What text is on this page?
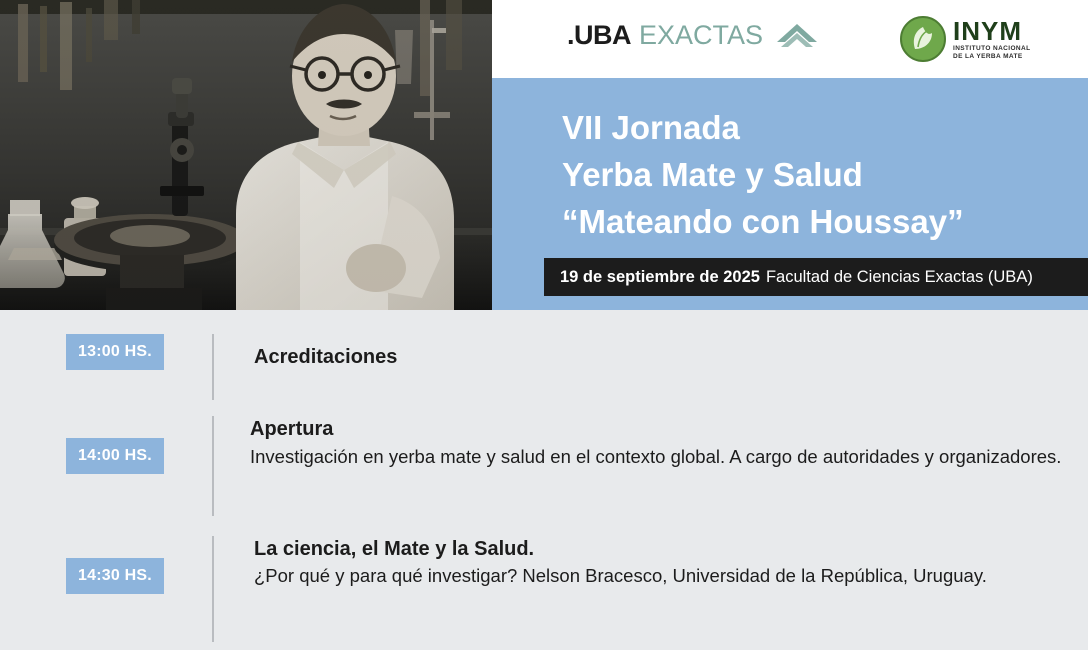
.UBA EXACTAS	INYM
INSTITUTO NACIONAL
DE LA YERBA MATE
VII Jornada
Yerba Mate y Salud
“Mateando con Houssay”
19 de septiembre de 2025 Facultad de Ciencias Exactas (UBA)
13:00 HS.	Acreditaciones
14:00 HS.
Apertura
Investigación en yerba mate y salud en el contexto global. A cargo de autoridades y organizadores.
14:30 HS.
La ciencia, el Mate y la Salud.
¿Por qué y para qué investigar? Nelson Bracesco, Universidad de la República, Uruguay.
